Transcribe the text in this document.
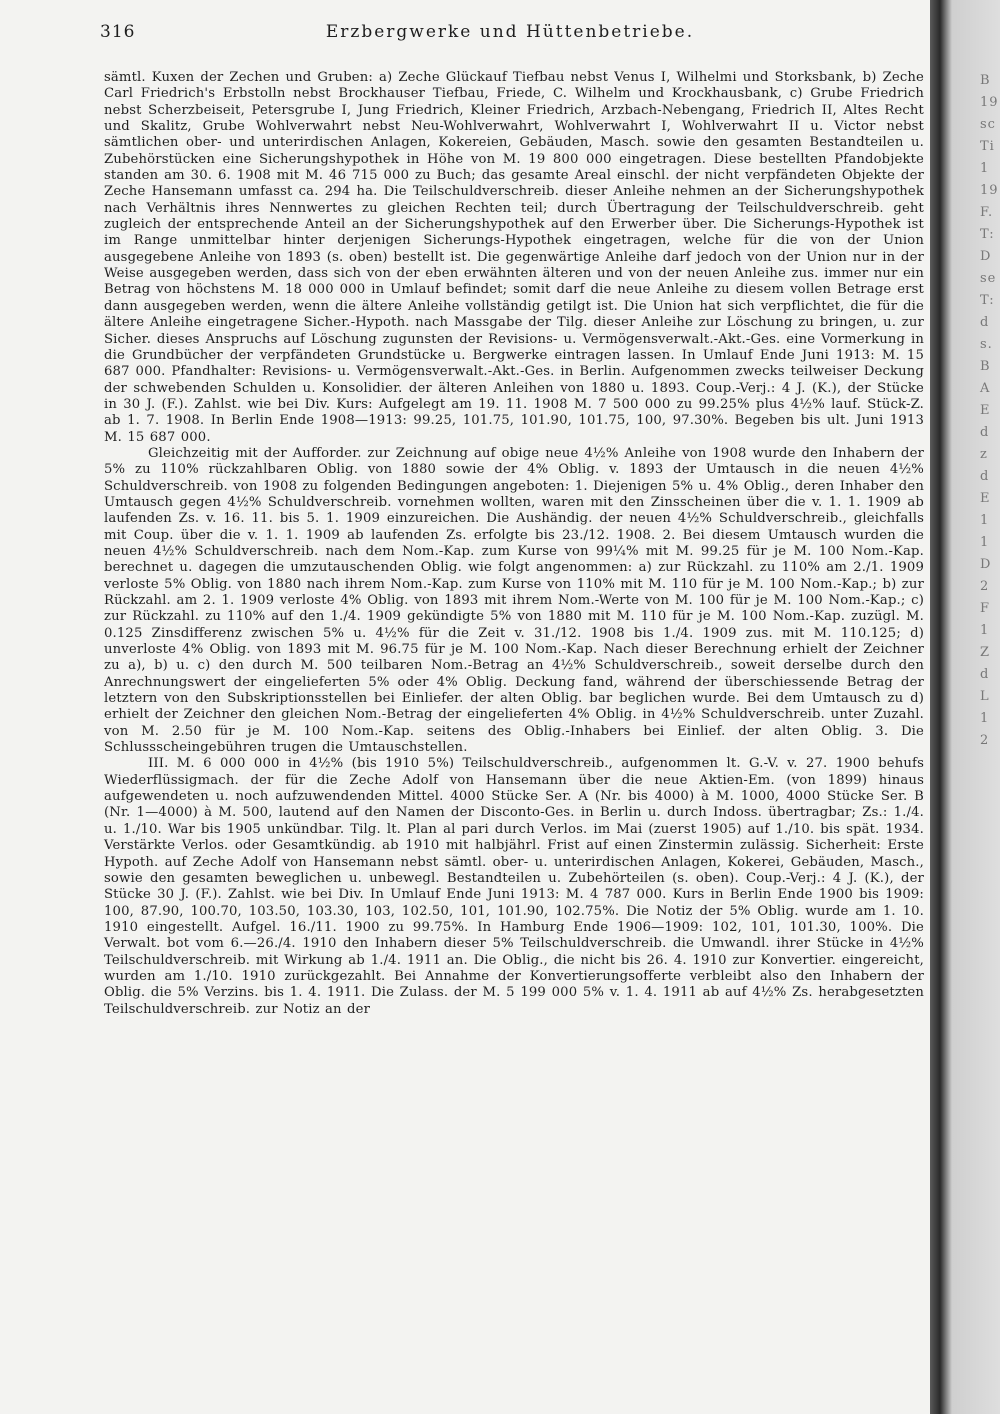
316	Erzbergwerke und Hüttenbetriebe.

sämtl. Kuxen der Zechen und Gruben: a) Zeche Glückauf Tiefbau nebst Venus I, Wilhelmi und Storksbank, b) Zeche Carl Friedrich's Erbstolln nebst Brockhauser Tiefbau, Friede, C. Wilhelm und Krockhausbank, c) Grube Friedrich nebst Scherzbeiseit, Petersgrube I, Jung Friedrich, Kleiner Friedrich, Arzbach-Nebengang, Friedrich II, Altes Recht und Skalitz, Grube Wohlverwahrt nebst Neu-Wohlverwahrt, Wohlverwahrt I, Wohlverwahrt II u. Victor nebst sämtlichen ober- und unterirdischen Anlagen, Kokereien, Gebäuden, Masch. sowie den gesamten Bestandteilen u. Zubehörstücken eine Sicherungshypothek in Höhe von M. 19 800 000 eingetragen. Diese bestellten Pfandobjekte standen am 30. 6. 1908 mit M. 46 715 000 zu Buch; das gesamte Areal einschl. der nicht verpfändeten Objekte der Zeche Hansemann umfasst ca. 294 ha. Die Teilschuldverschreib. dieser Anleihe nehmen an der Sicherungshypothek nach Verhältnis ihres Nennwertes zu gleichen Rechten teil; durch Übertragung der Teilschuldverschreib. geht zugleich der entsprechende Anteil an der Sicherungshypothek auf den Erwerber über. Die Sicherungs-Hypothek ist im Range unmittelbar hinter derjenigen Sicherungs-Hypothek eingetragen, welche für die von der Union ausgegebene Anleihe von 1893 (s. oben) bestellt ist. Die gegenwärtige Anleihe darf jedoch von der Union nur in der Weise ausgegeben werden, dass sich von der eben erwähnten älteren und von der neuen Anleihe zus. immer nur ein Betrag von höchstens M. 18 000 000 in Umlauf befindet; somit darf die neue Anleihe zu diesem vollen Betrage erst dann ausgegeben werden, wenn die ältere Anleihe vollständig getilgt ist. Die Union hat sich verpflichtet, die für die ältere Anleihe eingetragene Sicher.-Hypoth. nach Massgabe der Tilg. dieser Anleihe zur Löschung zu bringen, u. zur Sicher. dieses Anspruchs auf Löschung zugunsten der Revisions- u. Vermögensverwalt.-Akt.-Ges. eine Vormerkung in die Grundbücher der verpfändeten Grundstücke u. Bergwerke eintragen lassen. In Umlauf Ende Juni 1913: M. 15 687 000. Pfandhalter: Revisions- u. Vermögensverwalt.-Akt.-Ges. in Berlin. Aufgenommen zwecks teilweiser Deckung der schwebenden Schulden u. Konsolidier. der älteren Anleihen von 1880 u. 1893. Coup.-Verj.: 4 J. (K.), der Stücke in 30 J. (F.). Zahlst. wie bei Div. Kurs: Aufgelegt am 19. 11. 1908 M. 7 500 000 zu 99.25% plus 4½% lauf. Stück-Z. ab 1. 7. 1908. In Berlin Ende 1908—1913: 99.25, 101.75, 101.90, 101.75, 100, 97.30%. Begeben bis ult. Juni 1913 M. 15 687 000.

Gleichzeitig mit der Aufforder. zur Zeichnung auf obige neue 4½% Anleihe von 1908 wurde den Inhabern der 5% zu 110% rückzahlbaren Oblig. von 1880 sowie der 4% Oblig. v. 1893 der Umtausch in die neuen 4½% Schuldverschreib. von 1908 zu folgenden Bedingungen angeboten: 1. Diejenigen 5% u. 4% Oblig., deren Inhaber den Umtausch gegen 4½% Schuldverschreib. vornehmen wollten, waren mit den Zinsscheinen über die v. 1. 1. 1909 ab laufenden Zs. v. 16. 11. bis 5. 1. 1909 einzureichen. Die Aushändig. der neuen 4½% Schuldverschreib., gleichfalls mit Coup. über die v. 1. 1. 1909 ab laufenden Zs. erfolgte bis 23./12. 1908. 2. Bei diesem Umtausch wurden die neuen 4½% Schuldverschreib. nach dem Nom.-Kap. zum Kurse von 99¼% mit M. 99.25 für je M. 100 Nom.-Kap. berechnet u. dagegen die umzutauschenden Oblig. wie folgt angenommen: a) zur Rückzahl. zu 110% am 2./1. 1909 verloste 5% Oblig. von 1880 nach ihrem Nom.-Kap. zum Kurse von 110% mit M. 110 für je M. 100 Nom.-Kap.; b) zur Rückzahl. am 2. 1. 1909 verloste 4% Oblig. von 1893 mit ihrem Nom.-Werte von M. 100 für je M. 100 Nom.-Kap.; c) zur Rückzahl. zu 110% auf den 1./4. 1909 gekündigte 5% von 1880 mit M. 110 für je M. 100 Nom.-Kap. zuzügl. M. 0.125 Zinsdifferenz zwischen 5% u. 4½% für die Zeit v. 31./12. 1908 bis 1./4. 1909 zus. mit M. 110.125; d) unverloste 4% Oblig. von 1893 mit M. 96.75 für je M. 100 Nom.-Kap. Nach dieser Berechnung erhielt der Zeichner zu a), b) u. c) den durch M. 500 teilbaren Nom.-Betrag an 4½% Schuldverschreib., soweit derselbe durch den Anrechnungswert der eingelieferten 5% oder 4% Oblig. Deckung fand, während der überschiessende Betrag der letztern von den Subskriptionsstellen bei Einliefer. der alten Oblig. bar beglichen wurde. Bei dem Umtausch zu d) erhielt der Zeichner den gleichen Nom.-Betrag der eingelieferten 4% Oblig. in 4½% Schuldverschreib. unter Zuzahl. von M. 2.50 für je M. 100 Nom.-Kap. seitens des Oblig.-Inhabers bei Einlief. der alten Oblig. 3. Die Schlussscheingebühren trugen die Umtauschstellen.

III. M. 6 000 000 in 4½% (bis 1910 5%) Teilschuldverschreib., aufgenommen lt. G.-V. v. 27. 1900 behufs Wiederflüssigmach. der für die Zeche Adolf von Hansemann über die neue Aktien-Em. (von 1899) hinaus aufgewendeten u. noch aufzuwendenden Mittel. 4000 Stücke Ser. A (Nr. bis 4000) à M. 1000, 4000 Stücke Ser. B (Nr. 1—4000) à M. 500, lautend auf den Namen der Disconto-Ges. in Berlin u. durch Indoss. übertragbar; Zs.: 1./4. u. 1./10. War bis 1905 unkündbar. Tilg. lt. Plan al pari durch Verlos. im Mai (zuerst 1905) auf 1./10. bis spät. 1934. Verstärkte Verlos. oder Gesamtkündig. ab 1910 mit halbjährl. Frist auf einen Zinstermin zulässig. Sicherheit: Erste Hypoth. auf Zeche Adolf von Hansemann nebst sämtl. ober- u. unterirdischen Anlagen, Kokerei, Gebäuden, Masch., sowie den gesamten beweglichen u. unbewegl. Bestandteilen u. Zubehörteilen (s. oben). Coup.-Verj.: 4 J. (K.), der Stücke 30 J. (F.). Zahlst. wie bei Div. In Umlauf Ende Juni 1913: M. 4 787 000. Kurs in Berlin Ende 1900 bis 1909: 100, 87.90, 100.70, 103.50, 103.30, 103, 102.50, 101, 101.90, 102.75%. Die Notiz der 5% Oblig. wurde am 1. 10. 1910 eingestellt. Aufgel. 16./11. 1900 zu 99.75%. In Hamburg Ende 1906—1909: 102, 101, 101.30, 100%. Die Verwalt. bot vom 6.—26./4. 1910 den Inhabern dieser 5% Teilschuldverschreib. die Umwandl. ihrer Stücke in 4½% Teilschuldverschreib. mit Wirkung ab 1./4. 1911 an. Die Oblig., die nicht bis 26. 4. 1910 zur Konvertier. eingereicht, wurden am 1./10. 1910 zurückgezahlt. Bei Annahme der Konvertierungsofferte verbleibt also den Inhabern der Oblig. die 5% Verzins. bis 1. 4. 1911. Die Zulass. der M. 5 199 000 5% v. 1. 4. 1911 ab auf 4½% Zs. herabgesetzten Teilschuldverschreib. zur Notiz an der

B 19 sc Ti 1 19 F. T: D se T: d s. B A E d z d E 1 1 D 2 F 1 Z d L 1 2
